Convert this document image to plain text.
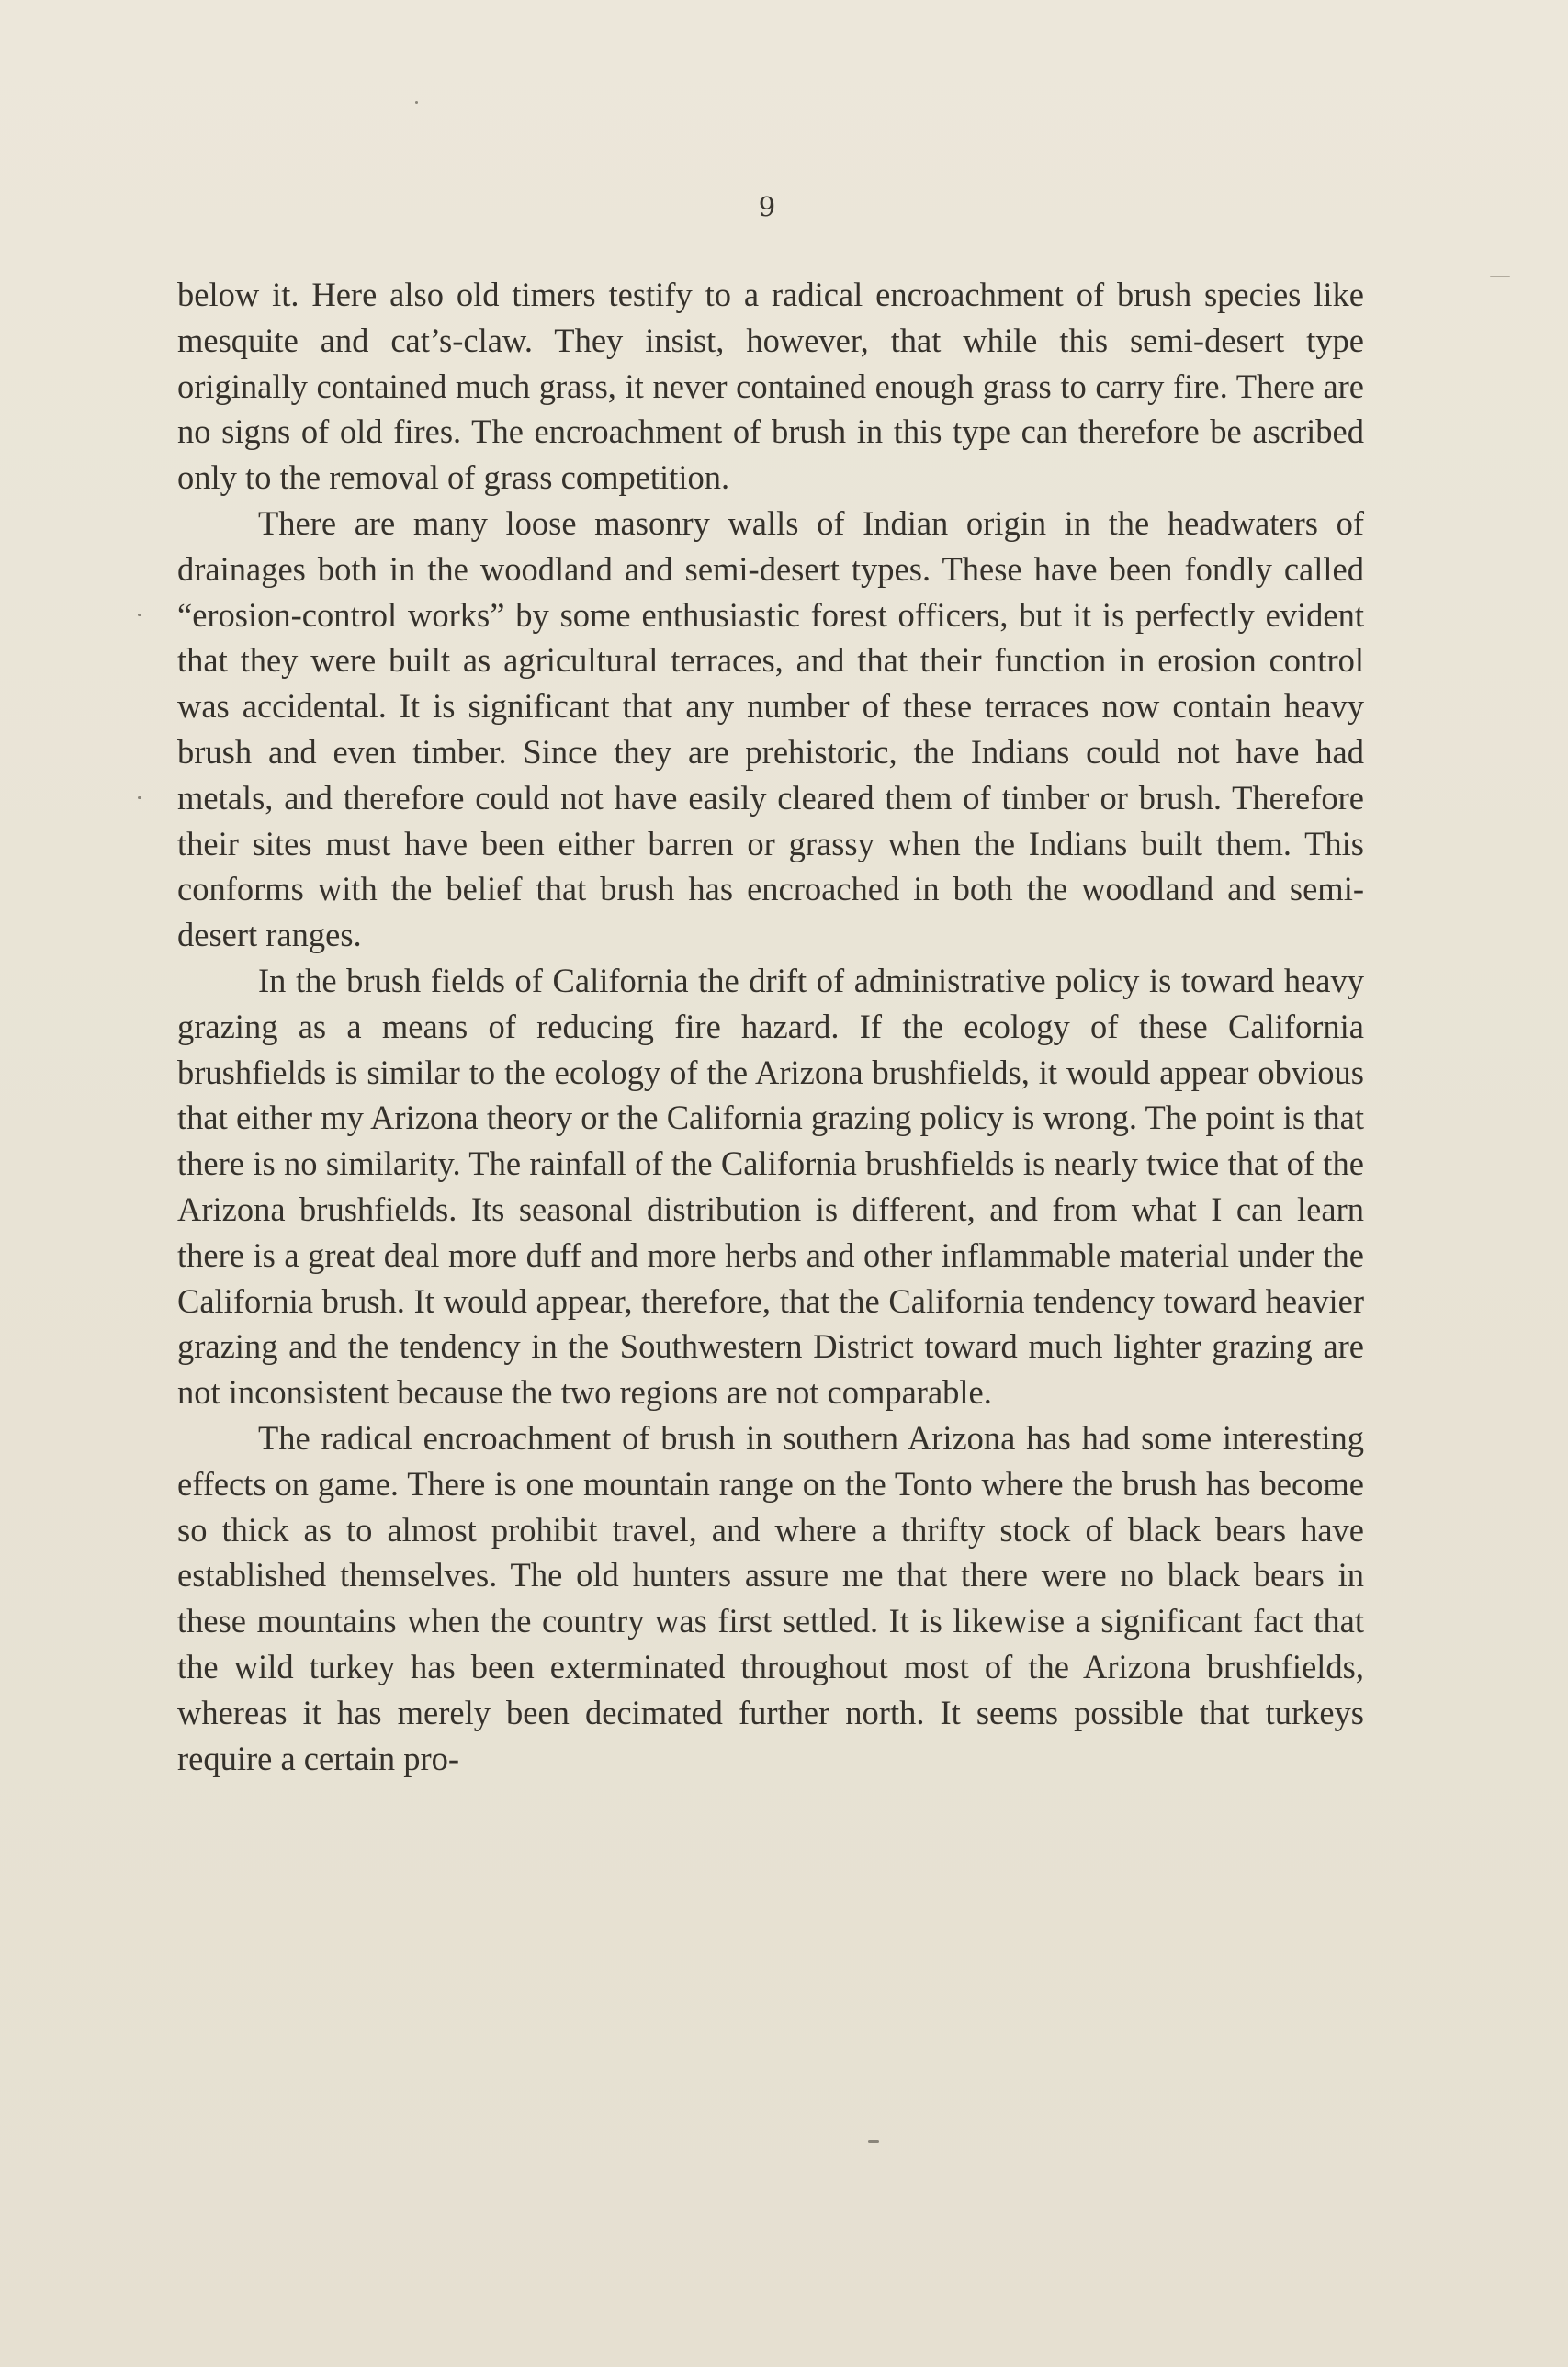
9

below it. Here also old timers testify to a radical encroachment of brush species like mesquite and cat’s-claw. They insist, however, that while this semi-desert type originally contained much grass, it never contained enough grass to carry fire. There are no signs of old fires. The encroachment of brush in this type can therefore be ascribed only to the removal of grass competition.

There are many loose masonry walls of Indian origin in the headwaters of drainages both in the woodland and semi-desert types. These have been fondly called “erosion-control works” by some enthusiastic forest officers, but it is perfectly evident that they were built as agricultural terraces, and that their function in erosion control was accidental. It is significant that any number of these terraces now contain heavy brush and even timber. Since they are prehistoric, the Indians could not have had metals, and therefore could not have easily cleared them of timber or brush. Therefore their sites must have been either barren or grassy when the Indians built them. This conforms with the belief that brush has encroached in both the woodland and semi-desert ranges.

In the brush fields of California the drift of administrative policy is toward heavy grazing as a means of reducing fire hazard. If the ecology of these California brushfields is similar to the ecology of the Arizona brushfields, it would appear obvious that either my Arizona theory or the California grazing policy is wrong. The point is that there is no similarity. The rainfall of the California brushfields is nearly twice that of the Arizona brushfields. Its seasonal distribution is different, and from what I can learn there is a great deal more duff and more herbs and other inflammable material under the California brush. It would appear, therefore, that the California tendency toward heavier grazing and the tendency in the Southwestern District toward much lighter grazing are not inconsistent because the two regions are not comparable.

The radical encroachment of brush in southern Arizona has had some interesting effects on game. There is one mountain range on the Tonto where the brush has become so thick as to almost prohibit travel, and where a thrifty stock of black bears have established themselves. The old hunters assure me that there were no black bears in these mountains when the country was first settled. It is likewise a significant fact that the wild turkey has been exterminated throughout most of the Arizona brushfields, whereas it has merely been decimated further north. It seems possible that turkeys require a certain pro-
